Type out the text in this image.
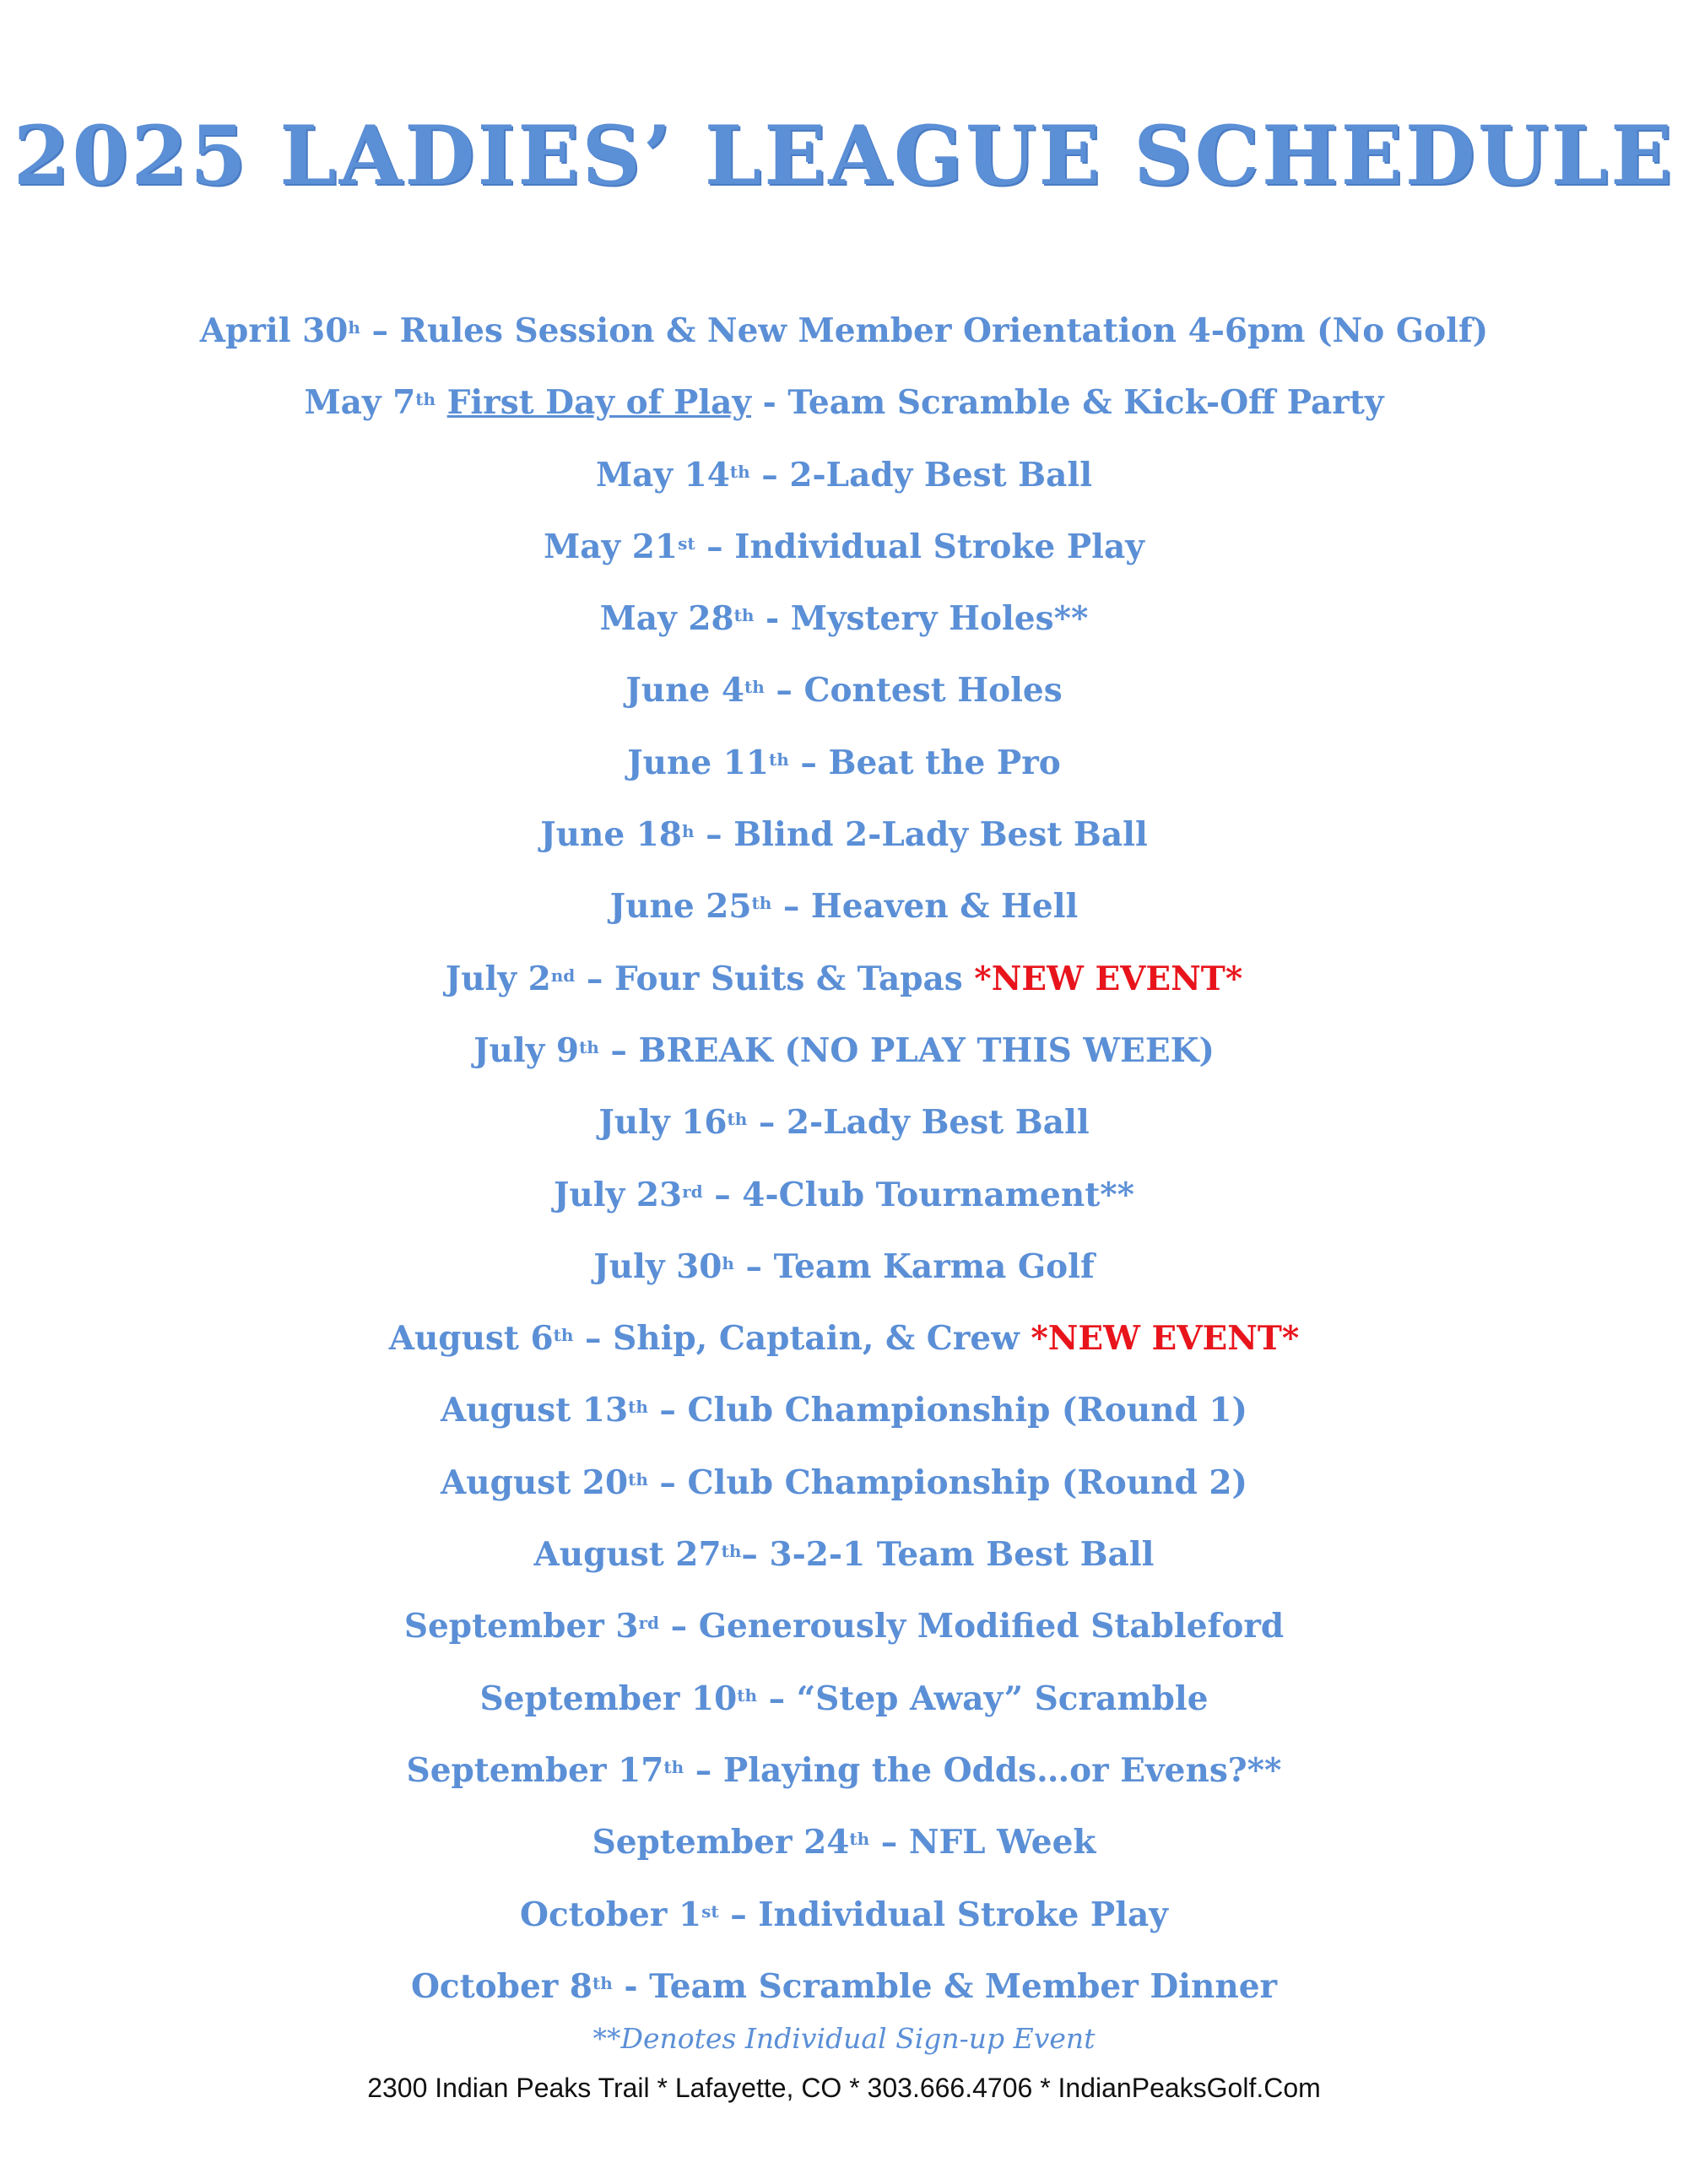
2025 LADIES’ LEAGUE SCHEDULE
April 30$^h$ – Rules Session & New Member Orientation 4-6pm (No Golf)
May 7th First Day of Play - Team Scramble & Kick-Off Party
May 14th – 2-Lady Best Ball
May 21st – Individual Stroke Play
May 28th - Mystery Holes**
June 4th – Contest Holes
June 11th – Beat the Pro
June 18$^h$ – Blind 2-Lady Best Ball
June 25th – Heaven & Hell
July 2nd – Four Suits & Tapas *NEW EVENT*
July 9th – BREAK (NO PLAY THIS WEEK)
July 16th – 2-Lady Best Ball
July 23rd – 4-Club Tournament**
July 30$^h$ – Team Karma Golf
August 6th – Ship, Captain, & Crew *NEW EVENT*
August 13th – Club Championship (Round 1)
August 20th – Club Championship (Round 2)
August 27th– 3-2-1 Team Best Ball
September 3rd – Generously Modified Stableford
September 10th – “Step Away” Scramble
September 17th – Playing the Odds…or Evens?**
September 24th – NFL Week
October 1st – Individual Stroke Play
October 8th - Team Scramble & Member Dinner
**Denotes Individual Sign-up Event
2300 Indian Peaks Trail * Lafayette, CO * 303.666.4706 * IndianPeaksGolf.Com
